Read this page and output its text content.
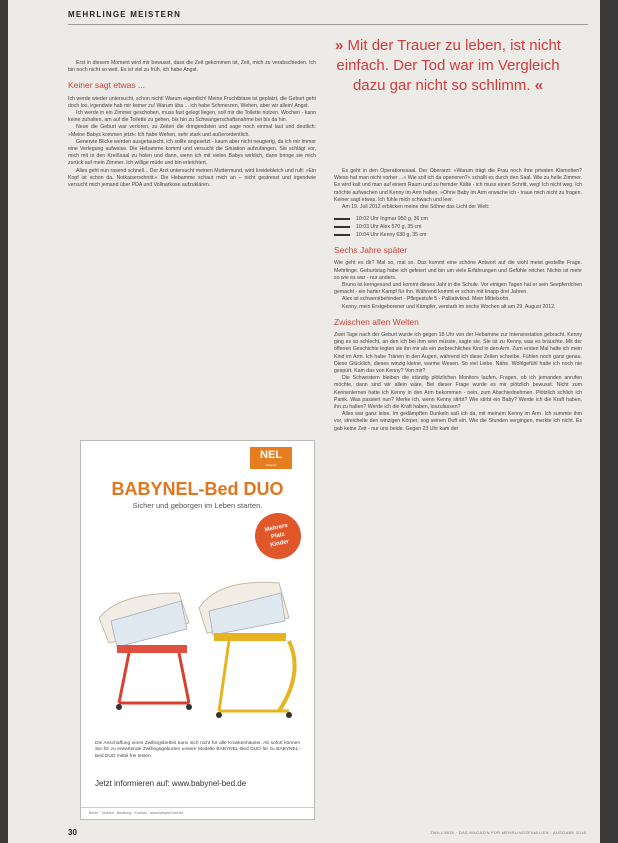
MEHRLINGE MEISTERN

Erst in diesem Moment wird mir bewusst, dass die Zeit gekommen ist, Zeit, mich zu verabschieden. Ich bin noch nicht so weit. Es ist viel zu früh, ich habe Angst.

Keiner sagt etwas ...

Ich werde wieder untersucht, schon nicht! Warum eigentlich! Meine Fruchtblase ist geplatzt, die Geburt geht doch los, irgendwie hab mir keiner zu! Warum üba ... ich habe Schmerzen, Wehen, aber wir allein! Angst.

Ich werde in ein Zimmer geschoben, muss fast gelegt liegen, soll mir die Toilette nutzen. Wochen - kann keine zuhalten, am auf die Toilette zu gehen, bis hin zu Schwangerschaftsnahme bei bis da hin.

Neue die Geburt war verloren, zu Zeiten die dringendsten und sage noch einmal laut und deutlich: »Meine Babys kommen jetzt« Ich habe Wehen, sehr stark und außerordentlich.

Genervte Blicke werden ausgetauscht, ich sollte angesetzt - kaum aber nicht neugierig, da ich mir immer eine Verlegung aufweise. Die Hebamme kommt und versucht die Situation aufzufangen. Sie schlägt vor, mich mit in den Kreißsaal zu holen und dann, wenn ich mit vielen Babys wirklich, dann bringe sie mich zurück auf mein Zimmer. Ich willige müde und bin erleichtert.

Alles geht nun rasend schnell... Der Arzt untersucht meinen Muttermund, wird kreidebleich und ruft: »Ein Kopf ist schon da. Notkaiserschnitt.« Die Hebamme schaut mich an – nicht gestresst und irgendwie versucht mich jemand über PDA und Vollnarkose aufzuklären.

» Mit der Trauer zu leben, ist nicht einfach. Der Tod war im Vergleich dazu gar nicht so schlimm. «

Es geht in den Operationssaal. Der Oberarzt: »Warum trägt die Frau noch ihre privaten Klamotten? Wieso hat man nicht vorher ...« Wie soll ich da operieren?« schallt es durch den Saal. Wie zu helle Zimmer. Es wird kalt und man auf einem Raum und zu fremder Kälte - ich muss einen Schritt, weg! Ich nicht weg. Ich möchte aufwachen und Kenny im Arm halten. »Ohne Baby im Arm erwache ich - traue mich nicht zu fragen. Keiner sagt etwas. Ich fühle mich schwach und leer.

Am 19. Juli 2012 erblicken meine drei Söhne das Licht der Welt:

10:02 Uhr Ingmar 950 g, 36 cm
10:03 Uhr Alex 570 g, 35 cm
10:04 Uhr Kenny 630 g, 35 cm
Sechs Jahre später

Wie geht es dir? Mal so, mal so. Das kommt eine schöne Antwort auf die wohl meist gestellte Frage. Mehrlinge. Geburtstag habe ich gefeiert und bin um viele Erfahrungen und Gefühle reicher. Nichts ist mehr so wie es war - nur anders.

Bruno ist kerngesund und kommt dieses Jahr in die Schule. Vor einigen Tagen hat er sein Seepferdchen gemacht - ein harter Kampf für ihn. Während kommt er schon mit knapp drei Jahren.

Alex ist schwerstbehindert - Pflegestufe 5 - Palliativkind. Mein Mittelsohn.

Kenny, mein Erstgeborener und Kämpfer, verstarb im sechs Wochen alt am 29. August 2012.

Zwischen allen Welten

Zwei Tage nach der Geburt wurde ich gegen 18 Uhr von der Hebamme zur Intensivstation gebracht. Kenny ging es so schlecht, an den ich bei ihm sein müsste, sagte sie. Sie ist zu Kenny, was es bräuchte. Mit der offenen Geschichte legten sie ihn mir als ein zerbrechliches Kind in den Arm. Zum ersten Mal halte ich mein Kind im Arm. Ich habe Tränen in den Augen, während ich diese Zeilen schreibe. Fühlen noch ganz genau. Diese Glücklich, dieses winzig kleine, warme Wesen. So viel Liebe. Nähe. Wohlgefühl hatte ich noch nie gespürt. Kam das von Kenny? Von mir?

Die Schwestern bleiben die ständig plötzlichen Monitors laufen, Fragen, ob ich jemanden anrufen möchte, dann sind wir allein wäre. Bei dieser Frage wurde es mir plötzlich bewusst. Nicht zum Kennenlernen hatte ich Kenny in den Arm bekommen - nein, zum Abschiednehmen. Plötzlich schlich ich Panik. Was passiert nun? Merke ich, wenn Kenny stirbt? Wie stirbt ein Baby? Werde ich die Kraft haben, ihn zu halten? Werde ich die Kraft haben, loszulassen?

Alles war ganz leise. Im gedämpften Dunkeln saß ich da, mit meinem Kenny im Arm. Ich summte ihm vor, streichelte den winzigen Körper, sog seinen Duft ein. Wie die Stunden vergingen, merkte ich nicht. Es gab keine Zeit - nur uns beide. Gegen 23 Uhr kam der

NEL
babynel
BABYNEL-Bed DUO
Sicher und geborgen im Leben starten.
Mehrere
Platz
Kinder
Die Anschaffung eines Zwillingsbettes kann sich nicht für alle Krankenhäuser. Ab sofort können Sie für zu erwartende Zwillingsgeburten unsere Modelle BABYNEL-Bed DUO für zu BABYNEL-Bed DUO mittel frei testen.
Jetzt informieren auf: www.babynel-bed.de
Berlin · Verkauf · Beratung · Kontakt · www.babynel-bed.de
30	ZWILLINGE · DAS MAGAZIN FÜR MEHRLINGSFAMILIEN · AUSGABE 2018
